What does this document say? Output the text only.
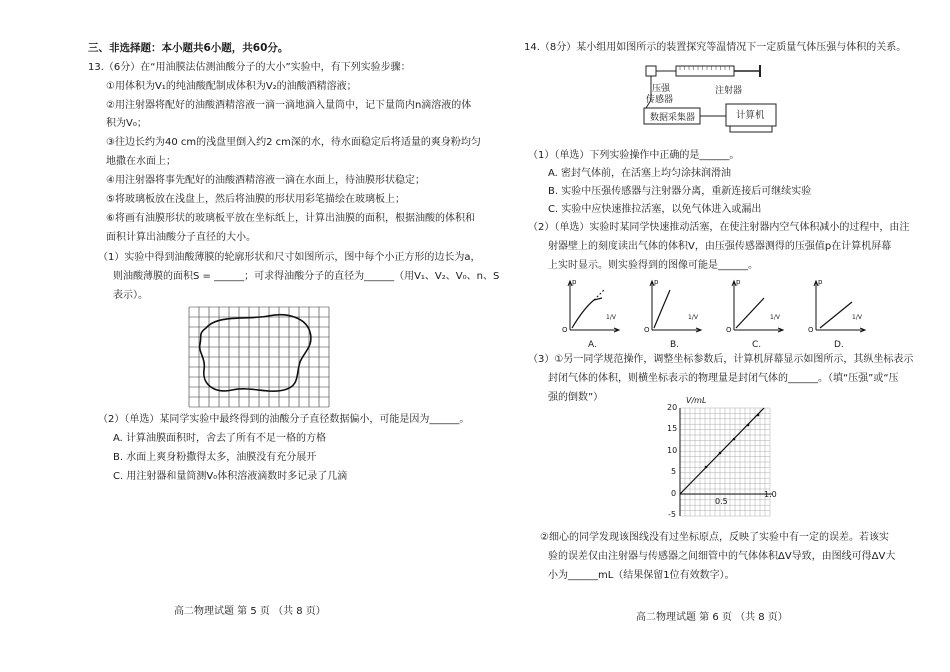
三、非选择题：本小题共6小题，共60分。
13.（6分）在“用油膜法估测油酸分子的大小”实验中，有下列实验步骤：
①用体积为V₁的纯油酸配制成体积为V₂的油酸酒精溶液；
②用注射器将配好的油酸酒精溶液一滴一滴地滴入量筒中，记下量筒内n滴溶液的体
积为V₀；
③往边长约为40 cm的浅盘里倒入约2 cm深的水，待水面稳定后将适量的爽身粉均匀
地撒在水面上；
④用注射器将事先配好的油酸酒精溶液一滴在水面上，待油膜形状稳定；
⑤将玻璃板放在浅盘上，然后将油膜的形状用彩笔描绘在玻璃板上；
⑥将画有油膜形状的玻璃板平放在坐标纸上，计算出油膜的面积，根据油酸的体积和
面积计算出油酸分子直径的大小。
（1）实验中得到油酸薄膜的轮廓形状和尺寸如图所示，图中每个小正方形的边长为a，
则油酸薄膜的面积S = ______；可求得油酸分子的直径为______（用V₁、V₂、V₀、n、S
表示）。
（2）（单选）某同学实验中最终得到的油酸分子直径数据偏小，可能是因为______。
A. 计算油膜面积时，舍去了所有不足一格的方格
B. 水面上爽身粉撒得太多，油膜没有充分展开
C. 用注射器和量筒测V₀体积溶液滴数时多记录了几滴
高二物理试题 第 5 页 （共 8 页）
14.（8分）某小组用如图所示的装置探究等温情况下一定质量气体压强与体积的关系。
压强
传感器
注射器
数据采集器	计算机
（1）（单选）下列实验操作中正确的是______。
A. 密封气体前，在活塞上均匀涂抹润滑油
B. 实验中压强传感器与注射器分离，重新连接后可继续实验
C. 实验中应快速推拉活塞，以免气体进入或漏出
（2）（单选）实验时某同学快速推动活塞，在使注射器内空气体积减小的过程中，由注
射器壁上的刻度读出气体的体积V，由压强传感器测得的压强值p在计算机屏幕
上实时显示。则实验得到的图像可能是______。
（3）①另一同学规范操作，调整坐标参数后，计算机屏幕显示如图所示，其纵坐标表示
封闭气体的体积，则横坐标表示的物理量是封闭气体的______。（填“压强”或“压
强的倒数”）	V/mL
20
15
10
5
0
-5
0.5
1.0
②细心的同学发现该图线没有过坐标原点，反映了实验中有一定的误差。若该实
验的误差仅由注射器与传感器之间细管中的气体体积ΔV导致，由图线可得ΔV大
小为______mL（结果保留1位有效数字）。
高二物理试题 第 6 页 （共 8 页）
p
O
1/V
A.
p
O
1/V
B.
p
O
1/V
C.
p
O
1/V
D.
